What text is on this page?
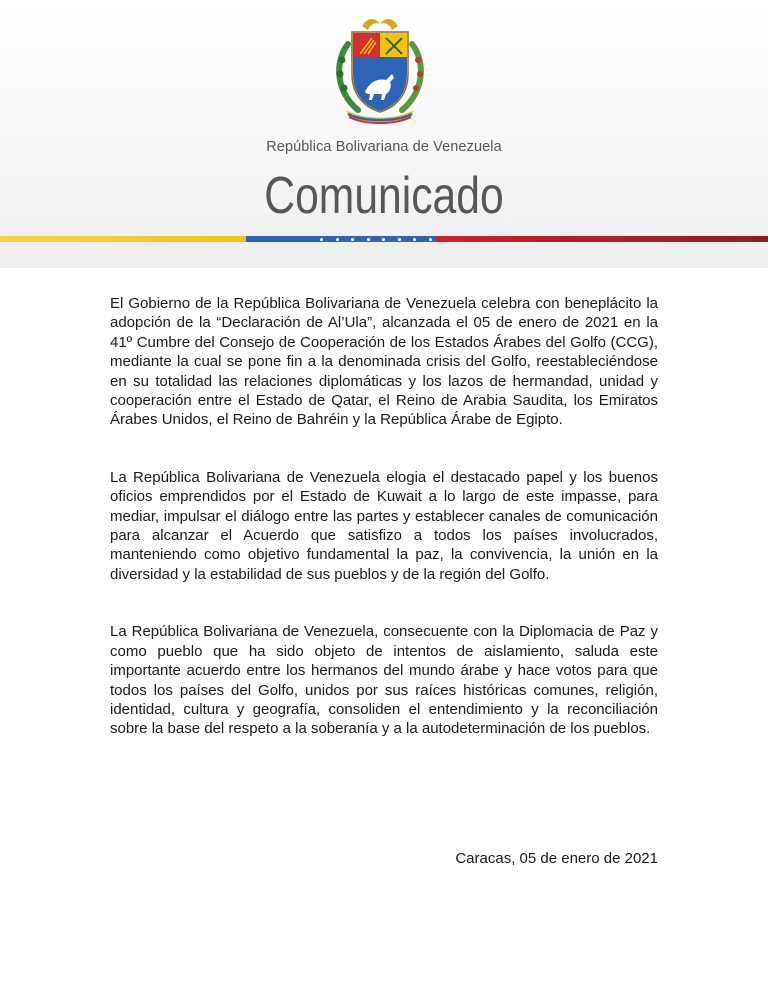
República Bolivariana de Venezuela
Comunicado

El Gobierno de la República Bolivariana de Venezuela celebra con beneplácito la adopción de la “Declaración de Al’Ula”, alcanzada el 05 de enero de 2021 en la 41º Cumbre del Consejo de Cooperación de los Estados Árabes del Golfo (CCG), mediante la cual se pone fin a la denominada crisis del Golfo, reestableciéndose en su totalidad las relaciones diplomáticas y los lazos de hermandad, unidad y cooperación entre el Estado de Qatar, el Reino de Arabia Saudita, los Emiratos Árabes Unidos, el Reino de Bahréin y la República Árabe de Egipto.

La República Bolivariana de Venezuela elogia el destacado papel y los buenos oficios emprendidos por el Estado de Kuwait a lo largo de este impasse, para mediar, impulsar el diálogo entre las partes y establecer canales de comunicación para alcanzar el Acuerdo que satisfizo a todos los países involucrados, manteniendo como objetivo fundamental la paz, la convivencia, la unión en la diversidad y la estabilidad de sus pueblos y de la región del Golfo.

La República Bolivariana de Venezuela, consecuente con la Diplomacia de Paz y como pueblo que ha sido objeto de intentos de aislamiento, saluda este importante acuerdo entre los hermanos del mundo árabe y hace votos para que todos los países del Golfo, unidos por sus raíces históricas comunes, religión, identidad, cultura y geografía, consoliden el entendimiento y la reconciliación sobre la base del respeto a la soberanía y a la autodeterminación de los pueblos.

Caracas, 05 de enero de 2021
